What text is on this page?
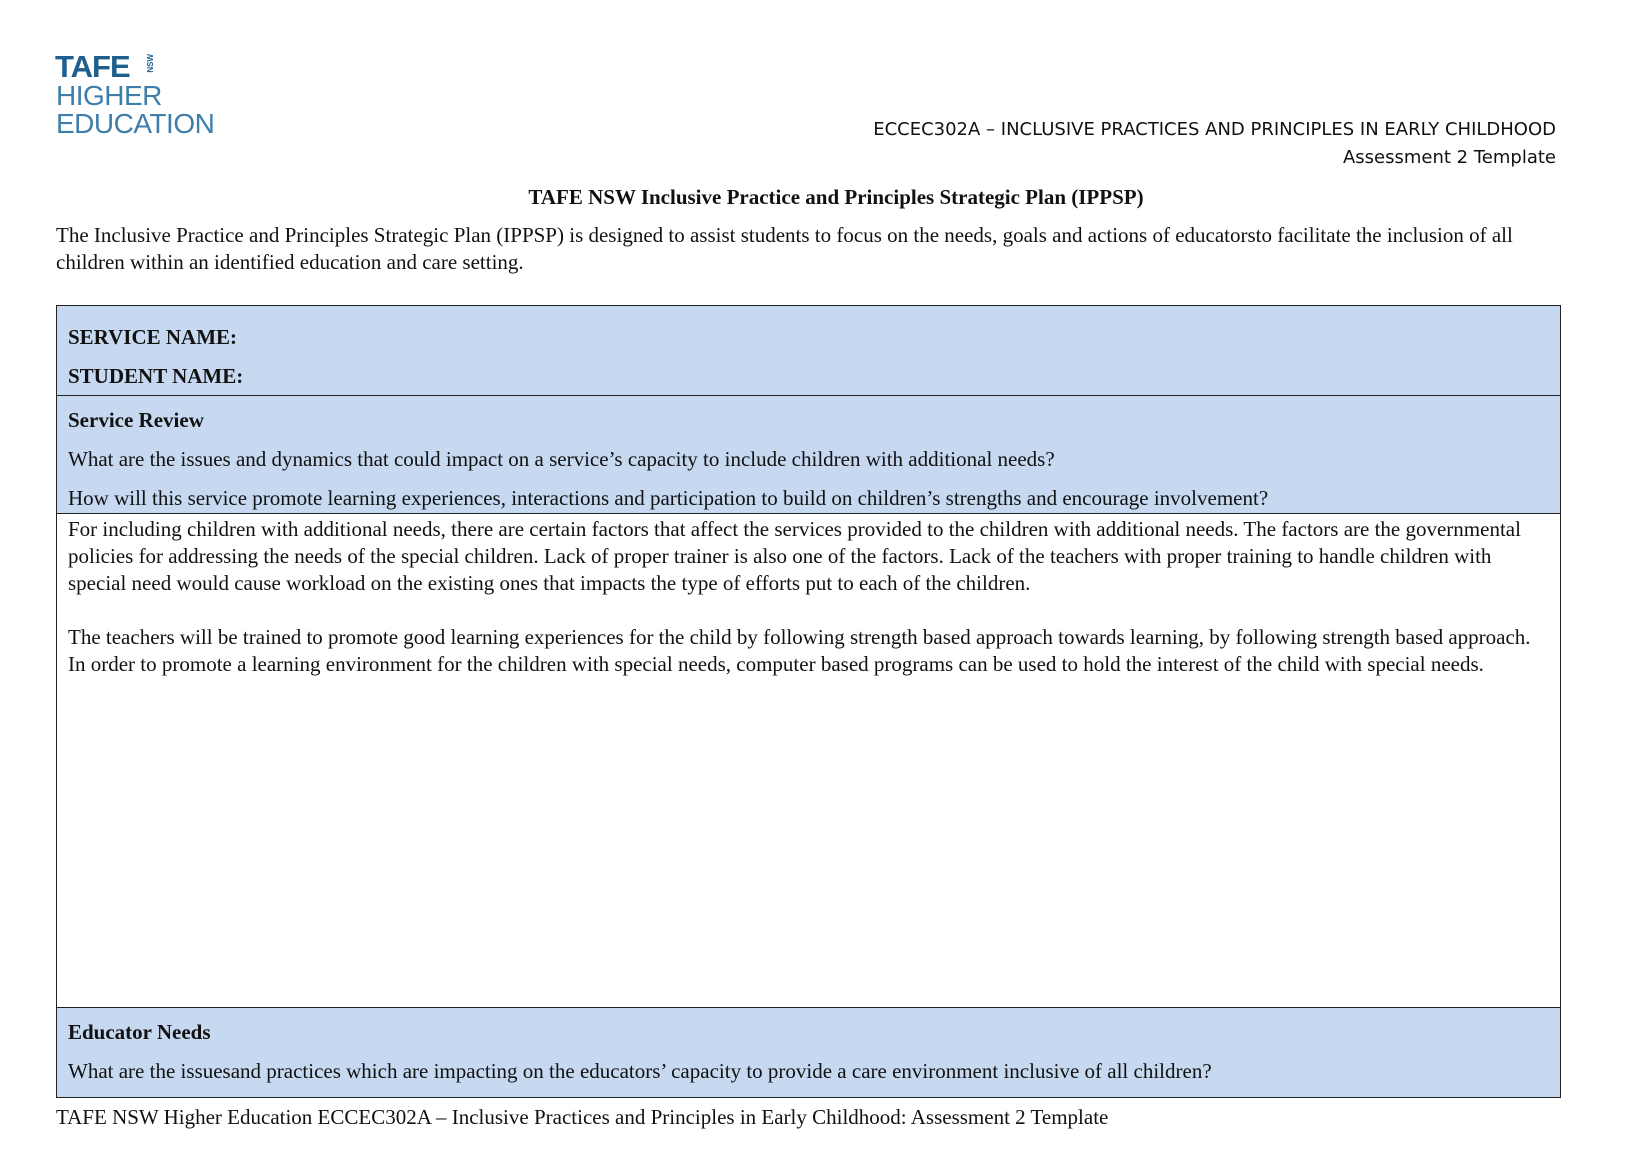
TAFE NSW
HIGHER
EDUCATION	ECCEC302A – INCLUSIVE PRACTICES AND PRINCIPLES IN EARLY CHILDHOOD
Assessment 2 Template
TAFE NSW Inclusive Practice and Principles Strategic Plan (IPPSP)
The Inclusive Practice and Principles Strategic Plan (IPPSP) is designed to assist students to focus on the needs, goals and actions of educatorsto facilitate the inclusion of all children within an identified education and care setting.
SERVICE NAME:
STUDENT NAME:
Service Review
What are the issues and dynamics that could impact on a service’s capacity to include children with additional needs?
How will this service promote learning experiences, interactions and participation to build on children’s strengths and encourage involvement?

For including children with additional needs, there are certain factors that affect the services provided to the children with additional needs. The factors are the governmental policies for addressing the needs of the special children. Lack of proper trainer is also one of the factors. Lack of the teachers with proper training to handle children with special need would cause workload on the existing ones that impacts the type of efforts put to each of the children.

The teachers will be trained to promote good learning experiences for the child by following strength based approach towards learning, by following strength based approach. In order to promote a learning environment for the children with special needs, computer based programs can be used to hold the interest of the child with special needs.

Educator Needs
What are the issuesand practices which are impacting on the educators’ capacity to provide a care environment inclusive of all children?
TAFE NSW Higher Education ECCEC302A – Inclusive Practices and Principles in Early Childhood: Assessment 2 Template
